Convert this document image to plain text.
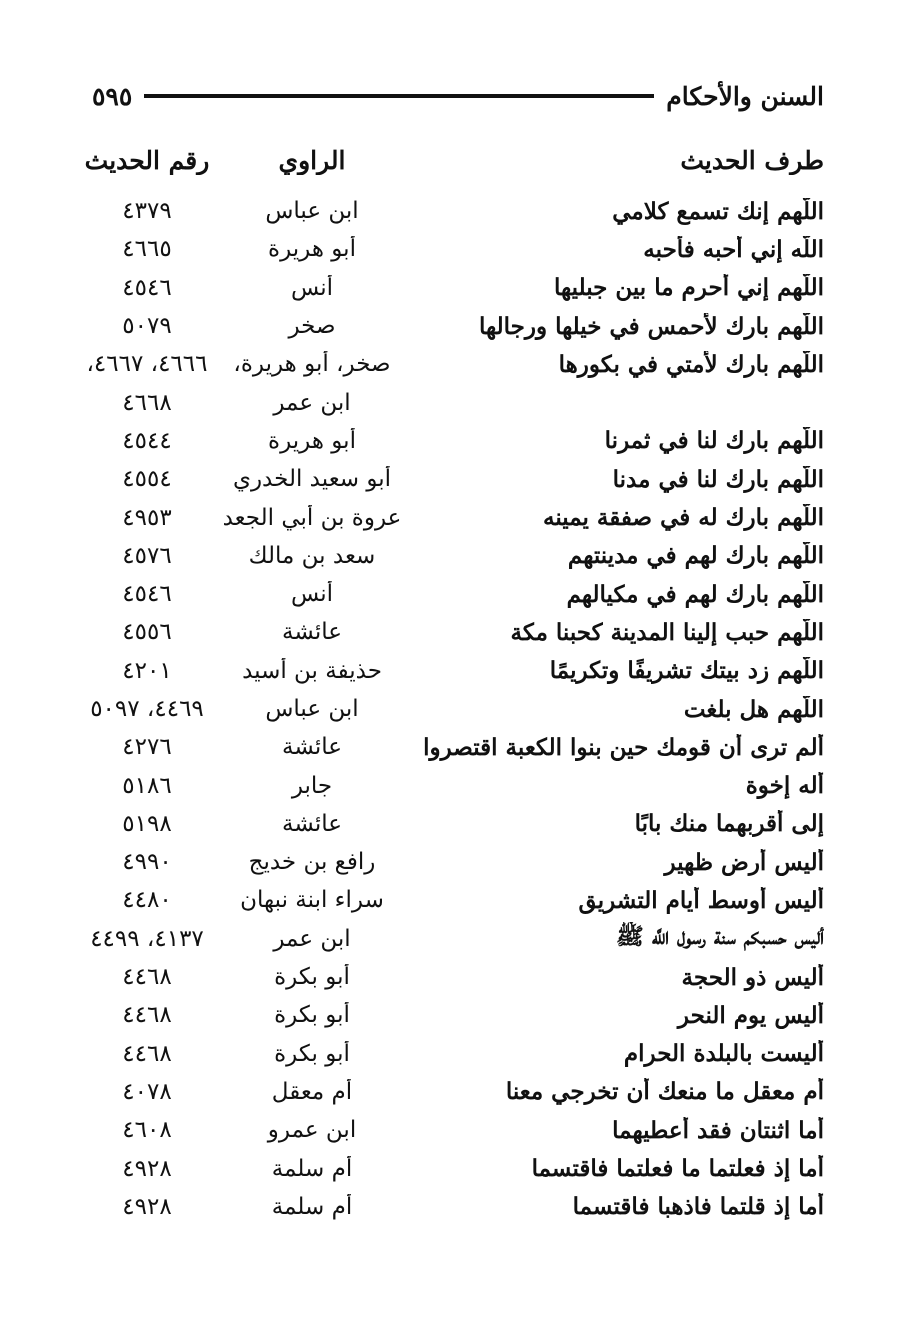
٥٩٥	السنن والأحكام
طرف الحديث
الراوي
رقم الحديث
اللَّهم إنك تسمع كلامي
ابن عباس
٤٣٧٩
اللَّه إني أحبه فأحبه
أبو هريرة
٤٦٦٥
اللَّهم إني أحرم ما بين جبليها
أنس
٤٥٤٦
اللَّهم بارك لأحمس في خيلها ورجالها
صخر
٥٠٧٩
اللَّهم بارك لأمتي في بكورها
صخر، أبو هريرة،
٤٦٦٦، ٤٦٦٧،
ابن عمر
٤٦٦٨
اللَّهم بارك لنا في ثمرنا
أبو هريرة
٤٥٤٤
اللَّهم بارك لنا في مدنا
أبو سعيد الخدري
٤٥٥٤
اللَّهم بارك له في صفقة يمينه
عروة بن أبي الجعد
٤٩٥٣
اللَّهم بارك لهم في مدينتهم
سعد بن مالك
٤٥٧٦
اللَّهم بارك لهم في مكيالهم
أنس
٤٥٤٦
اللَّهم حبب إلينا المدينة كحبنا مكة
عائشة
٤٥٥٦
اللَّهم زد بيتك تشريفًا وتكريمًا
حذيفة بن أسيد
٤٢٠١
اللَّهم هل بلغت
ابن عباس
٤٤٦٩، ٥٠٩٧
ألم ترى أن قومك حين بنوا الكعبة اقتصروا
عائشة
٤٢٧٦
أله إخوة
جابر
٥١٨٦
إلى أقربهما منك بابًا
عائشة
٥١٩٨
أليس أرض ظهير
رافع بن خديج
٤٩٩٠
أليس أوسط أيام التشريق
سراء ابنة نبهان
٤٤٨٠
أليس حسبكم سنة رسول اللَّه ﷺ
ابن عمر
٤١٣٧، ٤٤٩٩
أليس ذو الحجة
أبو بكرة
٤٤٦٨
أليس يوم النحر
أبو بكرة
٤٤٦٨
أليست بالبلدة الحرام
أبو بكرة
٤٤٦٨
أم معقل ما منعك أن تخرجي معنا
أم معقل
٤٠٧٨
أما اثنتان فقد أعطيهما
ابن عمرو
٤٦٠٨
أما إذ فعلتما ما فعلتما فاقتسما
أم سلمة
٤٩٢٨
أما إذ قلتما فاذهبا فاقتسما
أم سلمة
٤٩٢٨
